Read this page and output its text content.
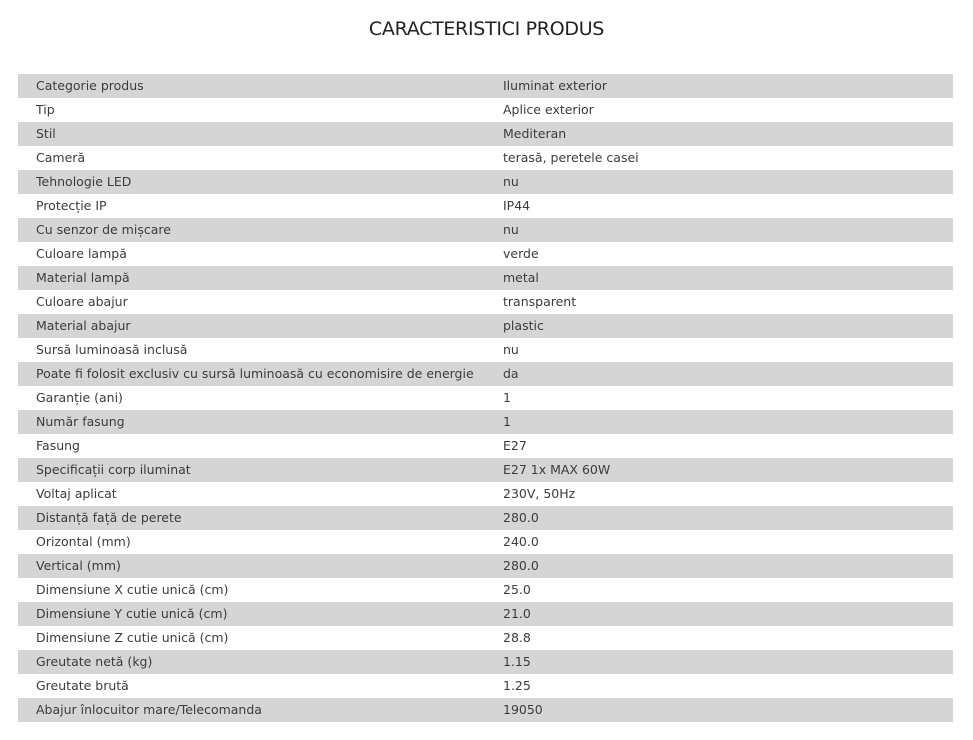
CARACTERISTICI PRODUS
Categorie produs	Iluminat exterior
Tip	Aplice exterior
Stil	Mediteran
Cameră	terasă, peretele casei
Tehnologie LED	nu
Protecție IP	IP44
Cu senzor de mișcare	nu
Culoare lampă	verde
Material lampă	metal
Culoare abajur	transparent
Material abajur	plastic
Sursă luminoasă inclusă	nu
Poate fi folosit exclusiv cu sursă luminoasă cu economisire de energie	da
Garanție (ani)	1
Număr fasung	1
Fasung	E27
Specificații corp iluminat	E27 1x MAX 60W
Voltaj aplicat	230V, 50Hz
Distanță față de perete	280.0
Orizontal (mm)	240.0
Vertical (mm)	280.0
Dimensiune X cutie unică (cm)	25.0
Dimensiune Y cutie unică (cm)	21.0
Dimensiune Z cutie unică (cm)	28.8
Greutate netă (kg)	1.15
Greutate brută	1.25
Abajur înlocuitor mare/Telecomanda	19050
